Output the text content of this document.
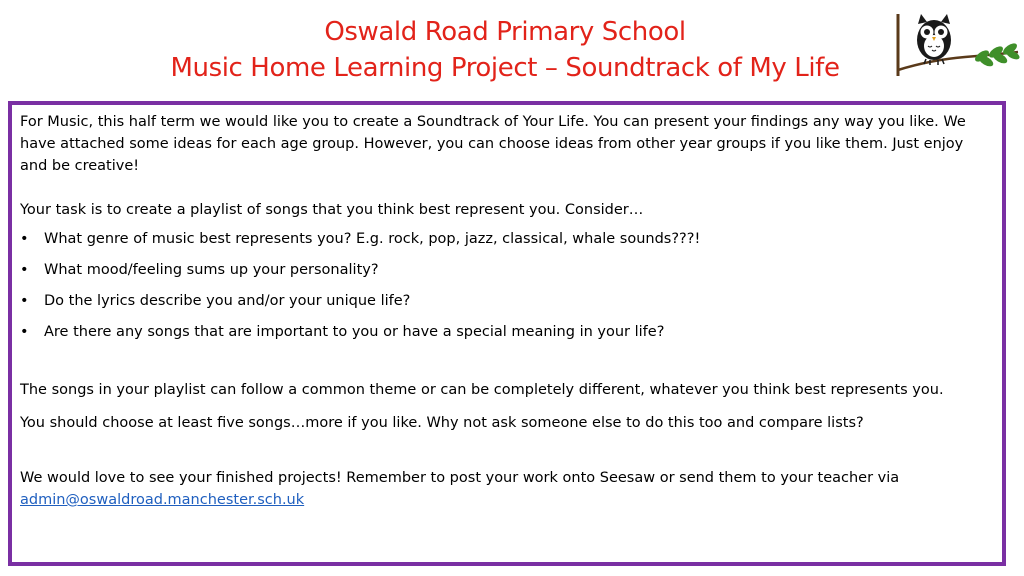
Oswald Road Primary School
Music Home Learning Project – Soundtrack of My Life

For Music, this half term we would like you to create a Soundtrack of Your Life. You can present your findings any way you like. We have attached some ideas for each age group. However, you can choose ideas from other year groups if you like them. Just enjoy and be creative!

Your task is to create a playlist of songs that you think best represent you. Consider…

• What genre of music best represents you? E.g. rock, pop, jazz, classical, whale sounds???!
• What mood/feeling sums up your personality?
• Do the lyrics describe you and/or your unique life?
• Are there any songs that are important to you or have a special meaning in your life?

The songs in your playlist can follow a common theme or can be completely different, whatever you think best represents you.

You should choose at least five songs…more if you like. Why not ask someone else to do this too and compare lists?

We would love to see your finished projects! Remember to post your work onto Seesaw or send them to your teacher via
admin@oswaldroad.manchester.sch.uk
